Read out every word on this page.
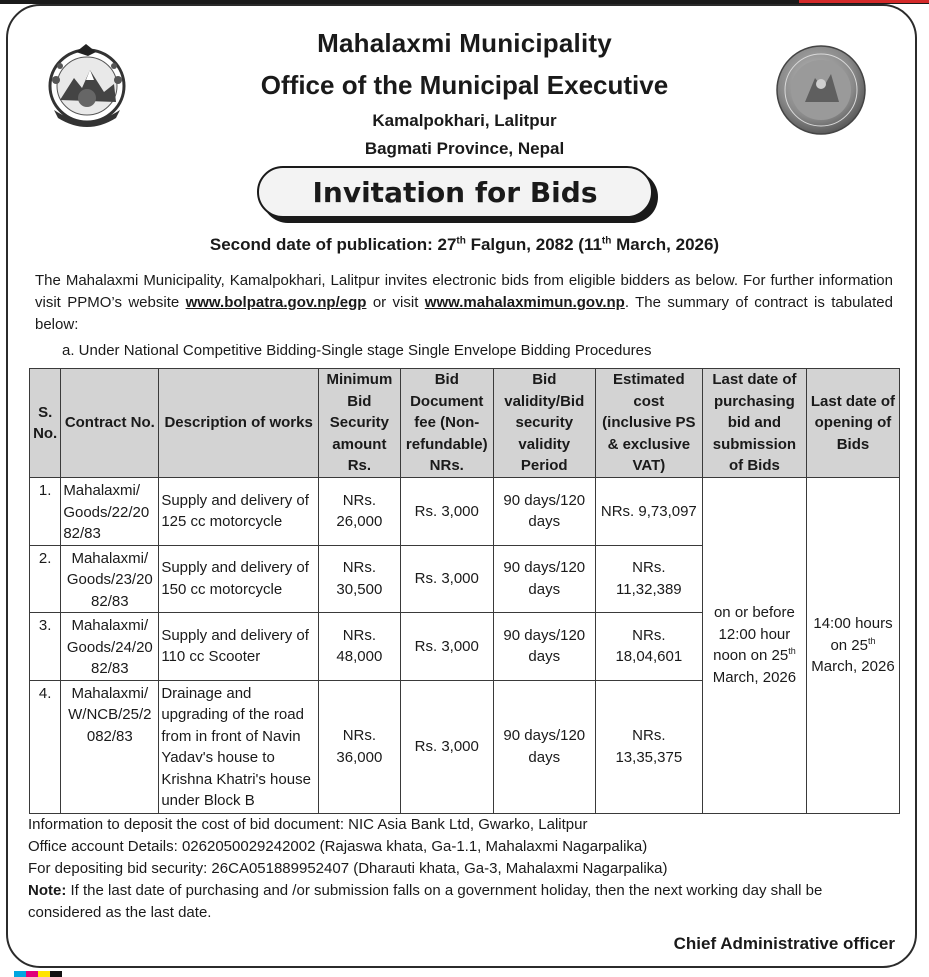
Mahalaxmi Municipality
Office of the Municipal Executive
Kamalpokhari, Lalitpur
Bagmati Province, Nepal
Invitation for Bids
Second date of publication: 27th Falgun, 2082 (11th March, 2026)
The Mahalaxmi Municipality, Kamalpokhari, Lalitpur invites electronic bids from eligible bidders as below. For further information visit PPMO’s website www.bolpatra.gov.np/egp or visit www.mahalaxmimun.gov.np. The summary of contract is tabulated below:
a. Under National Competitive Bidding-Single stage Single Envelope Bidding Procedures
S. No.	Contract No.	Description of works	Minimum Bid Security amount Rs.	Bid Document fee (Non-refundable) NRs.	Bid validity/Bid security validity Period	Estimated cost (inclusive PS & exclusive VAT)	Last date of purchasing bid and submission of Bids	Last date of opening of Bids
1.	Mahalaxmi/ Goods/22/20 82/83	Supply and delivery of 125 cc motorcycle	NRs. 26,000	Rs. 3,000	90 days/120 days	NRs. 9,73,097	on or before 12:00 hour noon on 25th March, 2026	14:00 hours on 25th March, 2026
2.	Mahalaxmi/ Goods/23/20 82/83	Supply and delivery of 150 cc motorcycle	NRs. 30,500	Rs. 3,000	90 days/120 days	NRs. 11,32,389		
3.	Mahalaxmi/ Goods/24/20 82/83	Supply and delivery of 110 cc Scooter	NRs. 48,000	Rs. 3,000	90 days/120 days	NRs. 18,04,601		
4.	Mahalaxmi/ W/NCB/25/2 082/83	Drainage and upgrading of the road from in front of Navin Yadav's house to Krishna Khatri's house under Block B	NRs. 36,000	Rs. 3,000	90 days/120 days	NRs. 13,35,375		
Information to deposit the cost of bid document: NIC Asia Bank Ltd, Gwarko, Lalitpur
Office account Details: 0262050029242002 (Rajaswa khata, Ga-1.1, Mahalaxmi Nagarpalika)
For depositing bid security: 26CA051889952407 (Dharauti khata, Ga-3, Mahalaxmi Nagarpalika)
Note: If the last date of purchasing and /or submission falls on a government holiday, then the next working day shall be considered as the last date.
Chief Administrative officer
